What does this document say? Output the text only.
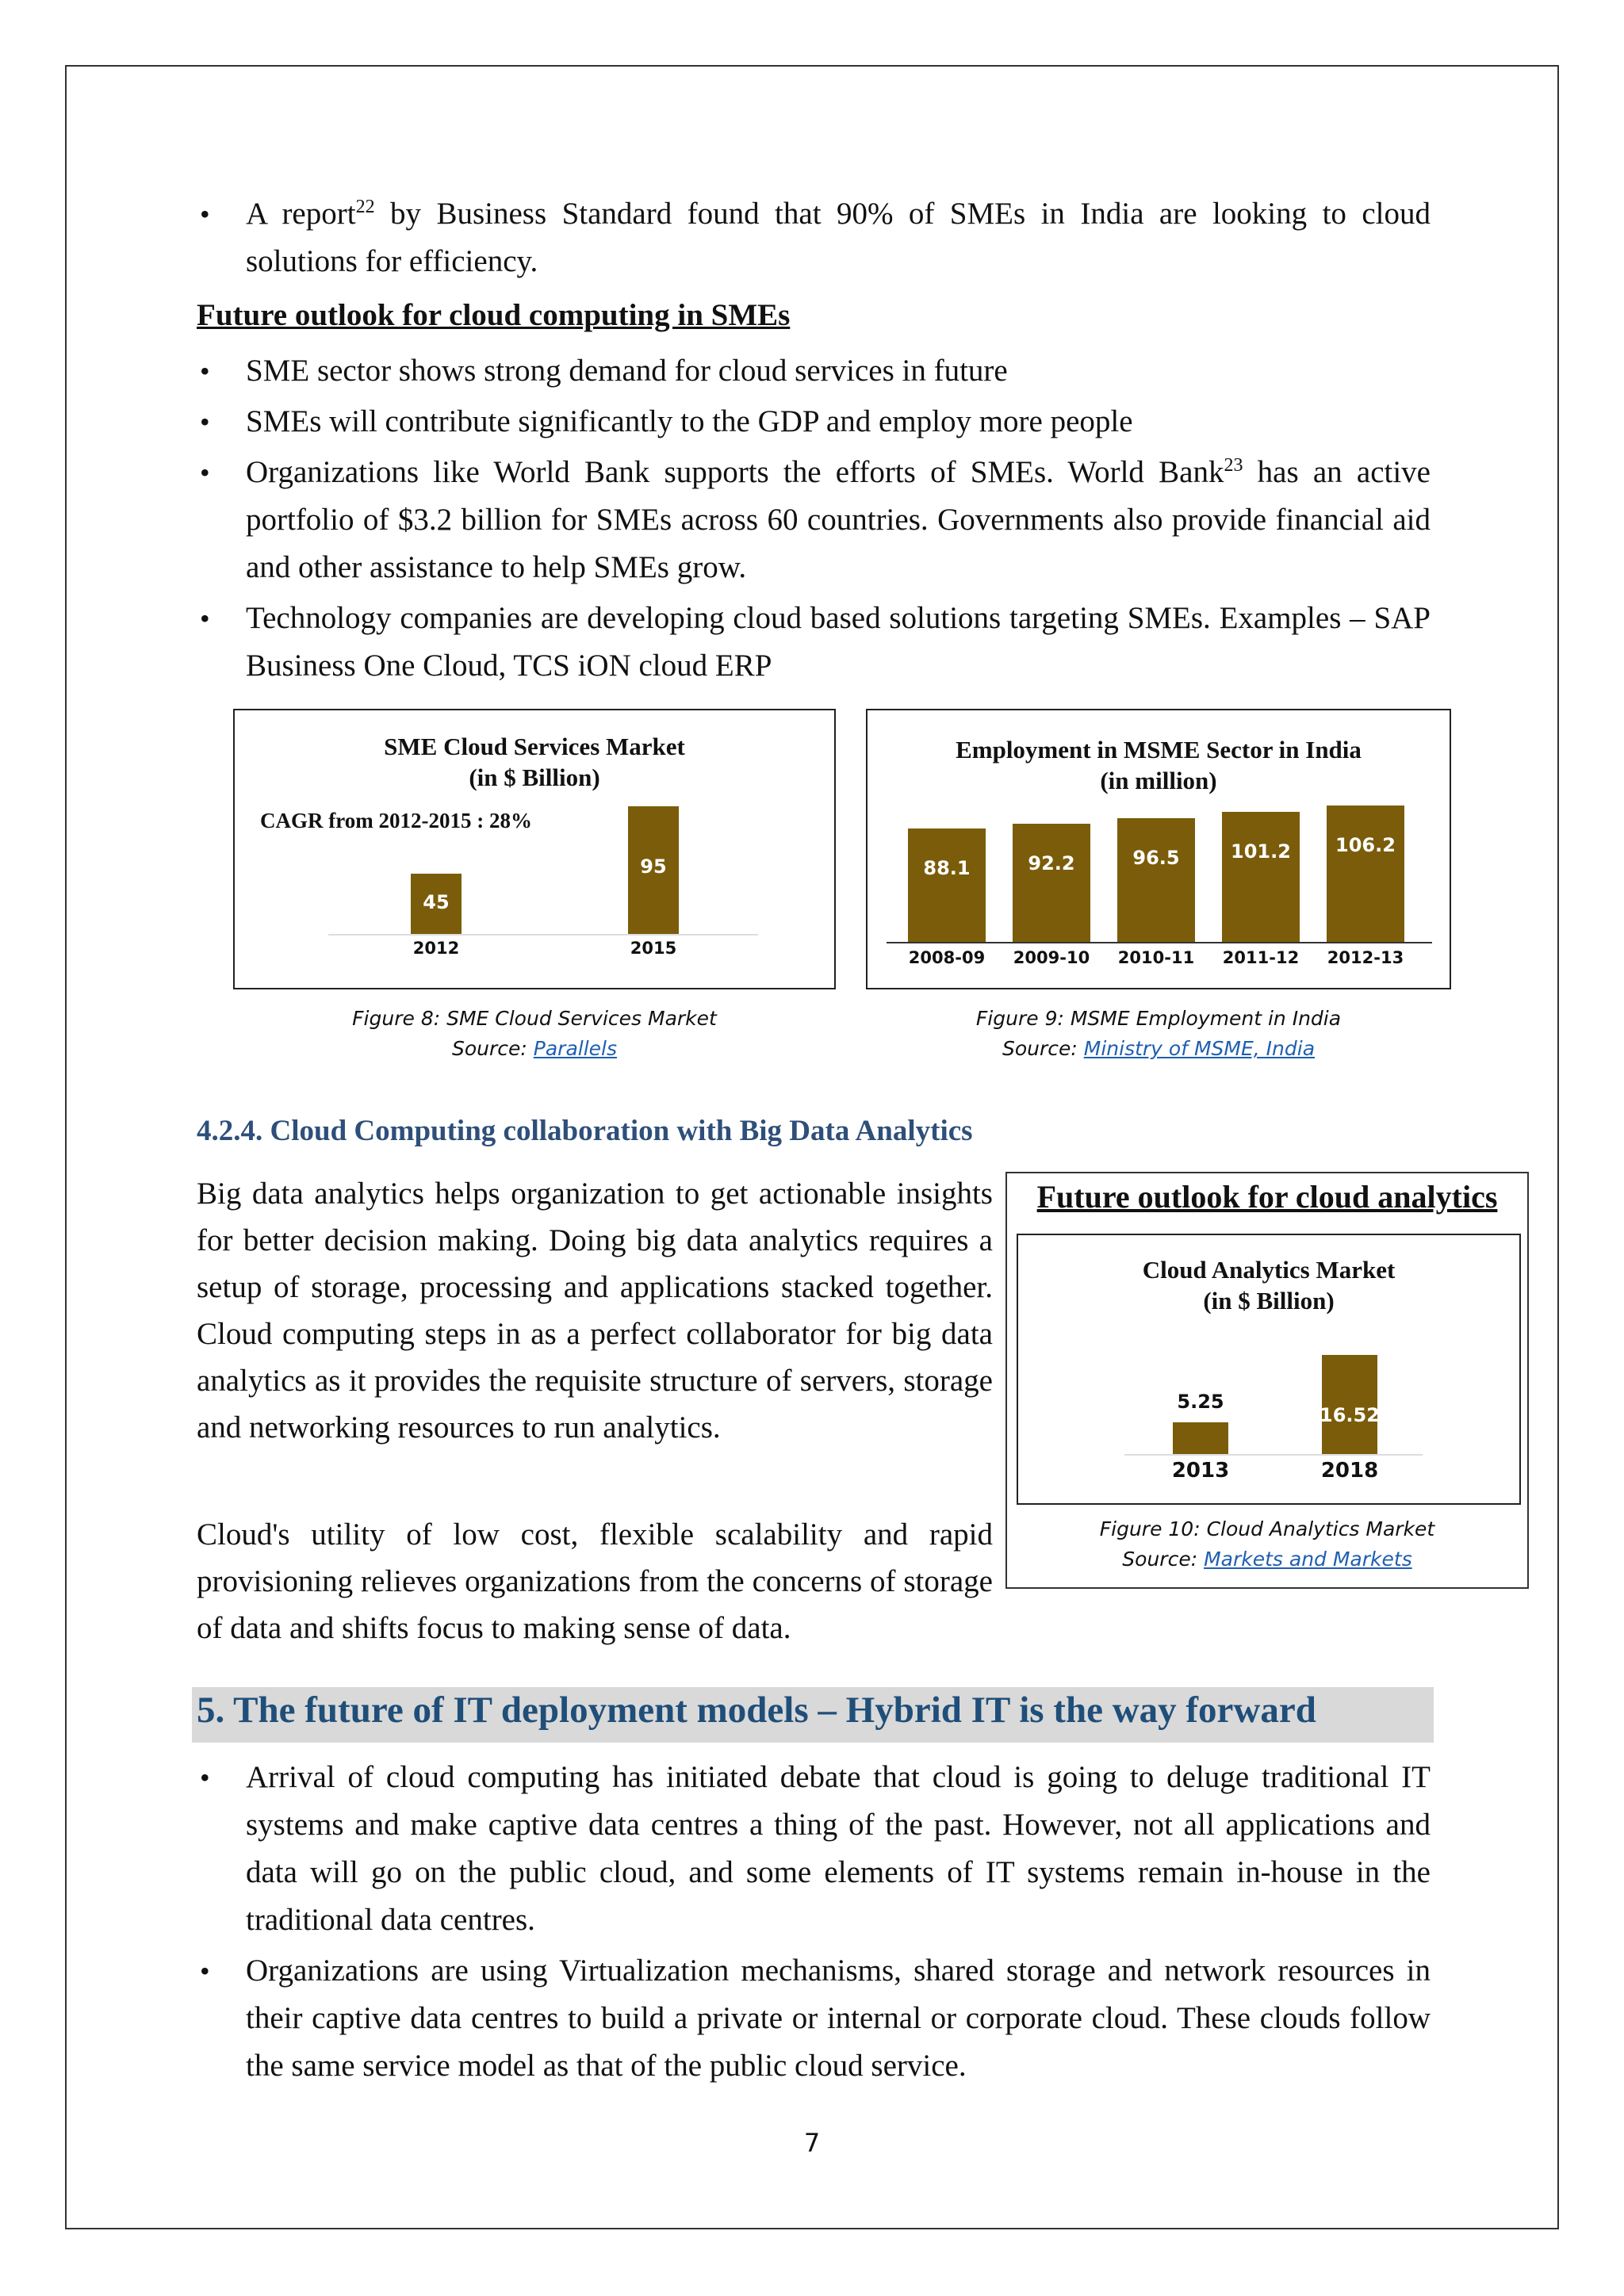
• A report$^{22}$ by Business Standard found that 90% of SMEs in India are looking to cloud solutions for efficiency.
Future outlook for cloud computing in SMEs
• SME sector shows strong demand for cloud services in future
• SMEs will contribute significantly to the GDP and employ more people
• Organizations like World Bank supports the efforts of SMEs. World Bank$^{23}$ has an active portfolio of $3.2 billion for SMEs across 60 countries. Governments also provide financial aid and other assistance to help SMEs grow.
• Technology companies are developing cloud based solutions targeting SMEs. Examples – SAP Business One Cloud, TCS iON cloud ERP
SME Cloud Services Market
(in $ Billion)
CAGR from 2012-2015 : 28%
45
2012
95
2015
Employment in MSME Sector in India
(in million)
88.1
2008-09
92.2
2009-10
96.5
2010-11
101.2
2011-12
106.2
2012-13
Figure 8: SME Cloud Services Market
Source: Parallels
Figure 9: MSME Employment in India
Source: Ministry of MSME, India
4.2.4. Cloud Computing collaboration with Big Data Analytics
Big data analytics helps organization to get actionable insights for better decision making. Doing big data analytics requires a setup of storage, processing and applications stacked together. Cloud computing steps in as a perfect collaborator for big data analytics as it provides the requisite structure of servers, storage and networking resources to run analytics.
Cloud's utility of low cost, flexible scalability and rapid provisioning relieves organizations from the concerns of storage of data and shifts focus to making sense of data.
Future outlook for cloud analytics
Figure 10: Cloud Analytics Market
Source: Markets and Markets
Cloud Analytics Market
(in $ Billion)
5.25
2013
16.52
2018
5. The future of IT deployment models – Hybrid IT is the way forward
• Arrival of cloud computing has initiated debate that cloud is going to deluge traditional IT systems and make captive data centres a thing of the past. However, not all applications and data will go on the public cloud, and some elements of IT systems remain in-house in the traditional data centres.
• Organizations are using Virtualization mechanisms, shared storage and network resources in their captive data centres to build a private or internal or corporate cloud. These clouds follow the same service model as that of the public cloud service.
7
